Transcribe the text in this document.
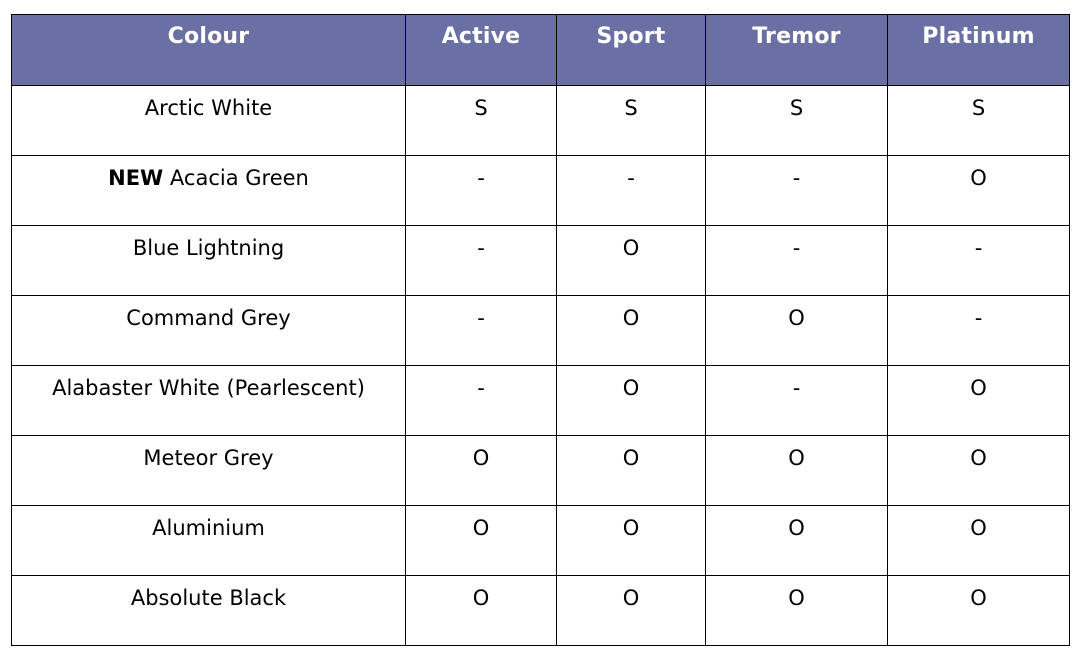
Colour	Active	Sport	Tremor	Platinum
Arctic White	S	S	S	S
NEW Acacia Green	-	-	-	O
Blue Lightning	-	O	-	-
Command Grey	-	O	O	-
Alabaster White (Pearlescent)	-	O	-	O
Meteor Grey	O	O	O	O
Aluminium	O	O	O	O
Absolute Black	O	O	O	O
